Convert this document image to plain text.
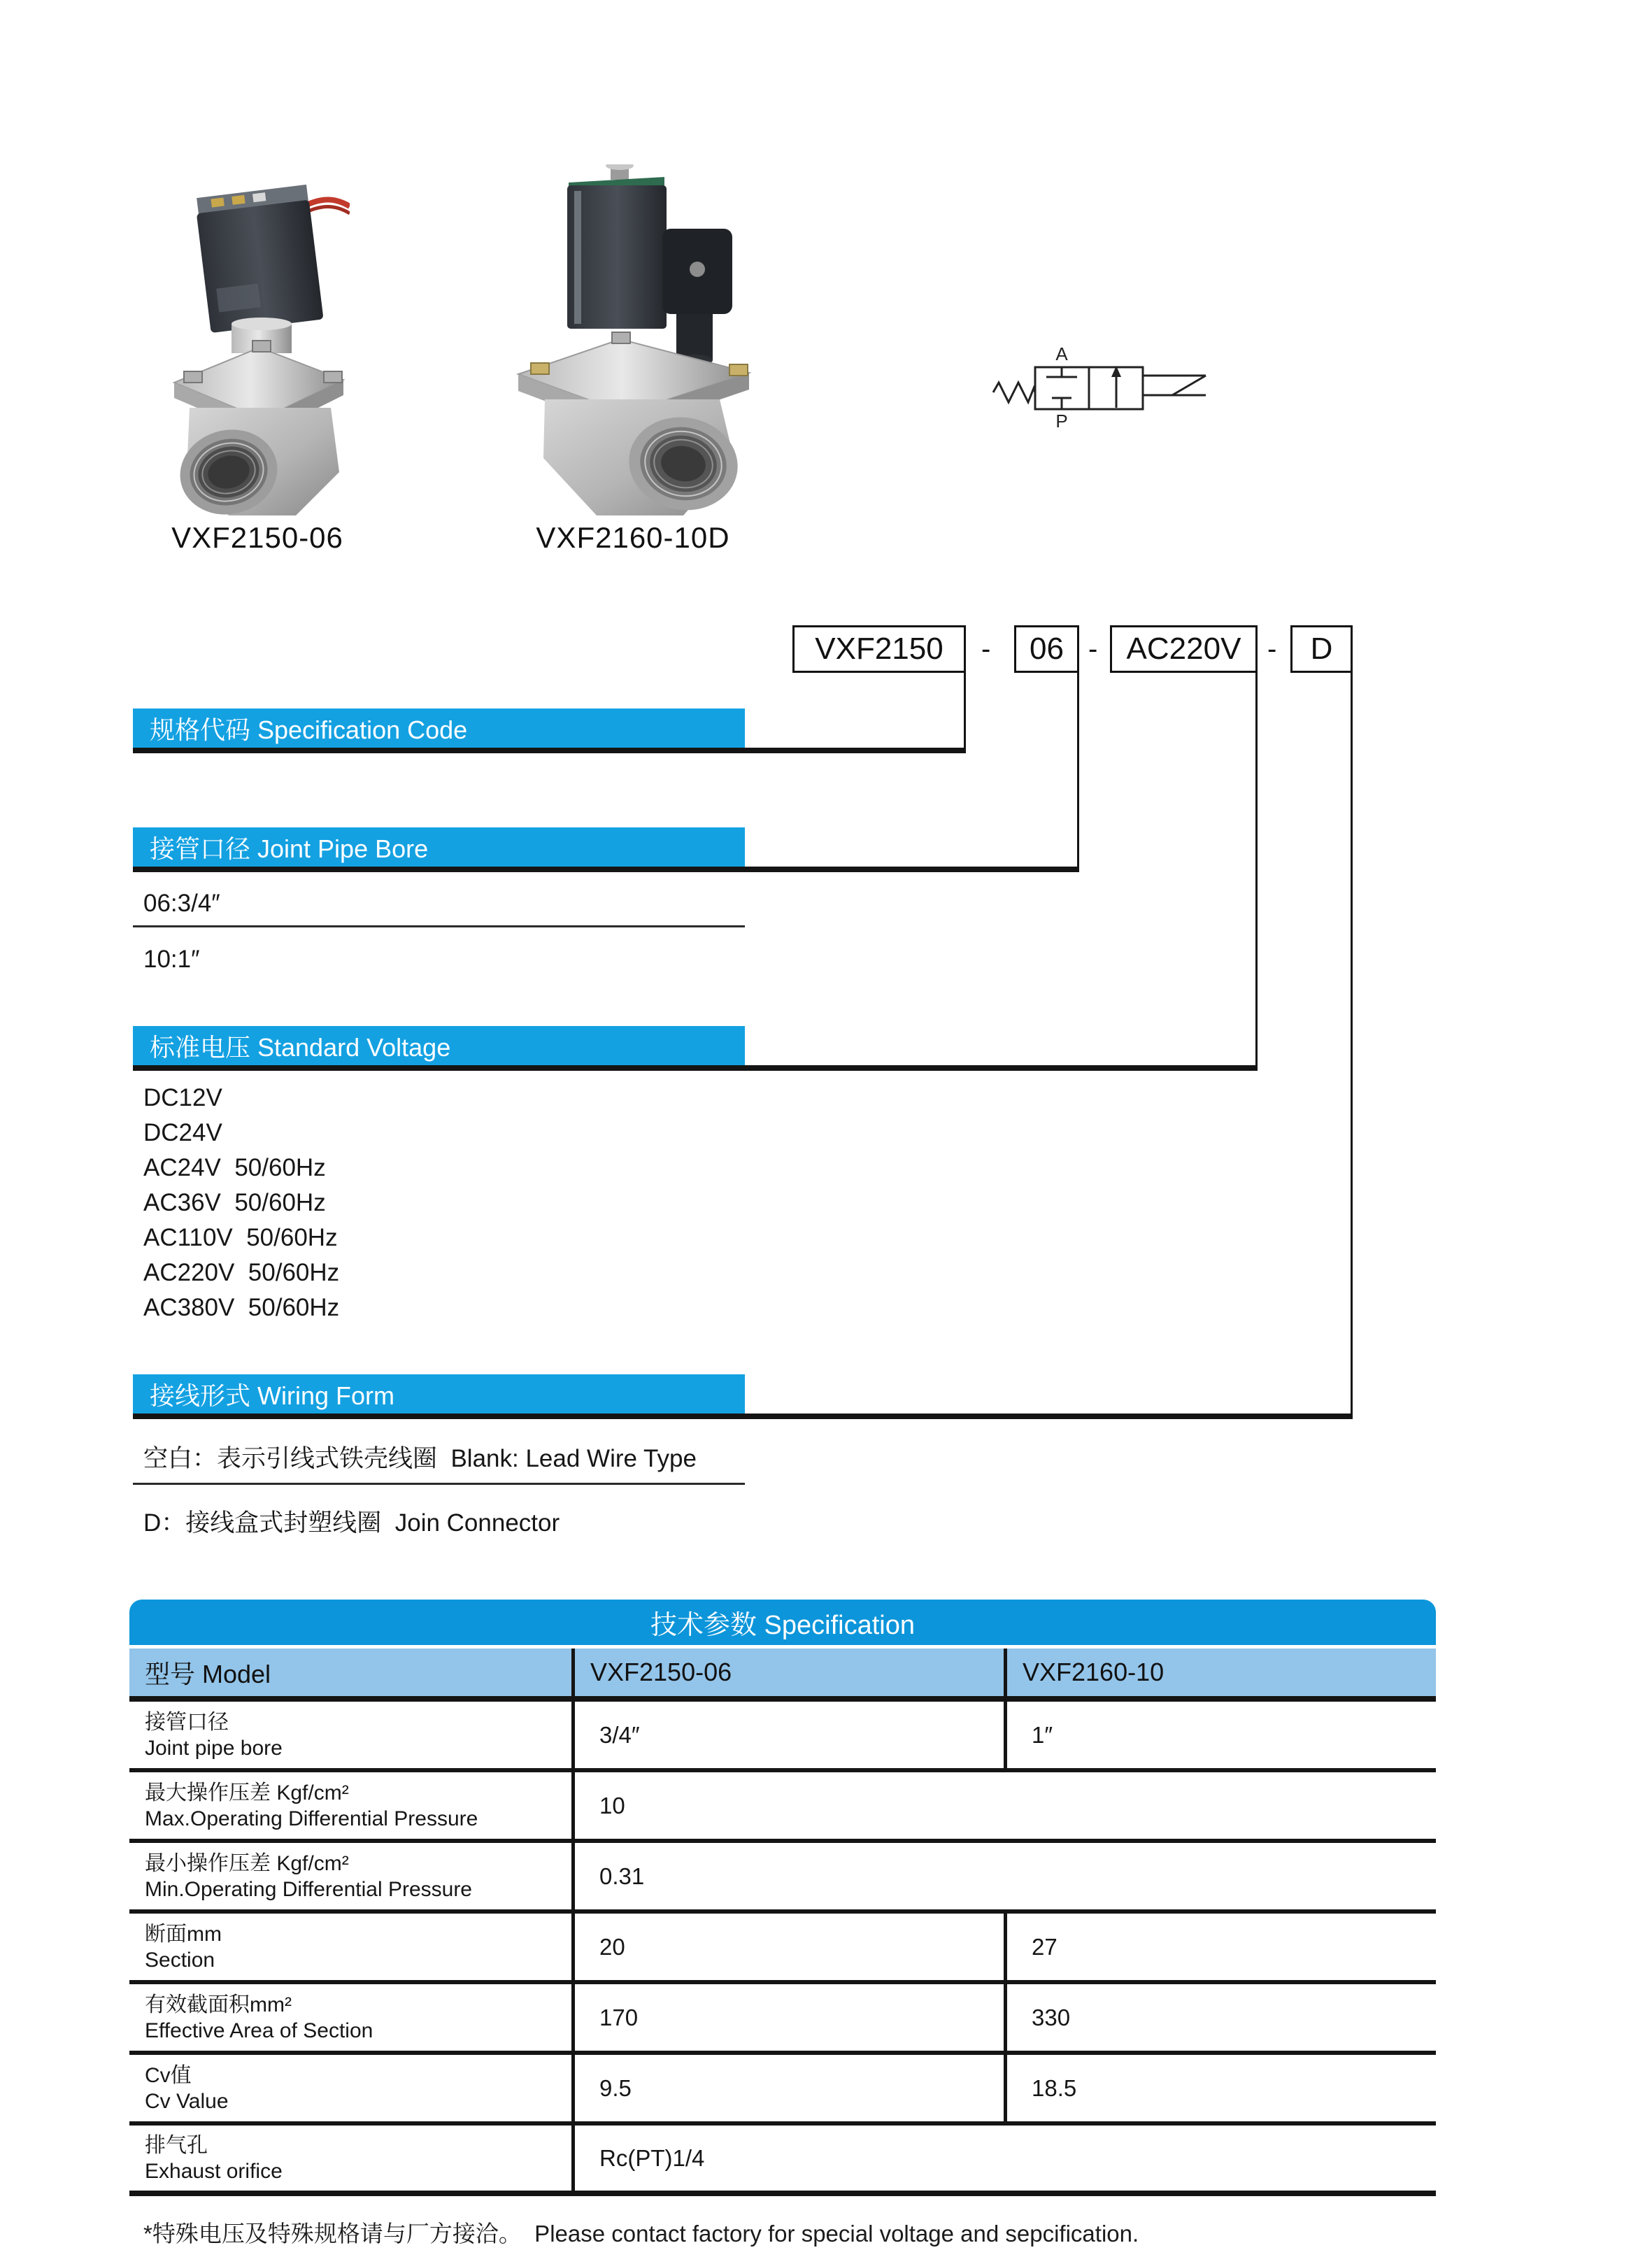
VXF2150-06	VXF2160-10D
A
P
VXF2150	-	06 - AC220V -	D
规格代码 Specification Code
接管口径 Joint Pipe Bore
06:3/4″
10:1″
标准电压 Standard Voltage
DC12V
DC24V
AC24V  50/60Hz
AC36V  50/60Hz
AC110V  50/60Hz
AC220V  50/60Hz
AC380V  50/60Hz
接线形式 Wiring Form
空白：表示引线式铁壳线圈  Blank: Lead Wire Type
D：接线盒式封塑线圈  Join Connector
技术参数 Specification
型号 Model	VXF2150-06	VXF2160-10
接管口径
Joint pipe bore
3/4″	1″
最大操作压差 Kgf/cm²
Max.Operating Differential Pressure
10
最小操作压差 Kgf/cm²
Min.Operating Differential Pressure
0.31
断面mm
Section
20	27
有效截面积mm²
Effective Area of Section
170	330
Cv值
Cv Value
9.5	18.5
排气孔
Exhaust orifice
Rc(PT)1/4
*特殊电压及特殊规格请与厂方接洽。  Please contact factory for special voltage and sepcification.
